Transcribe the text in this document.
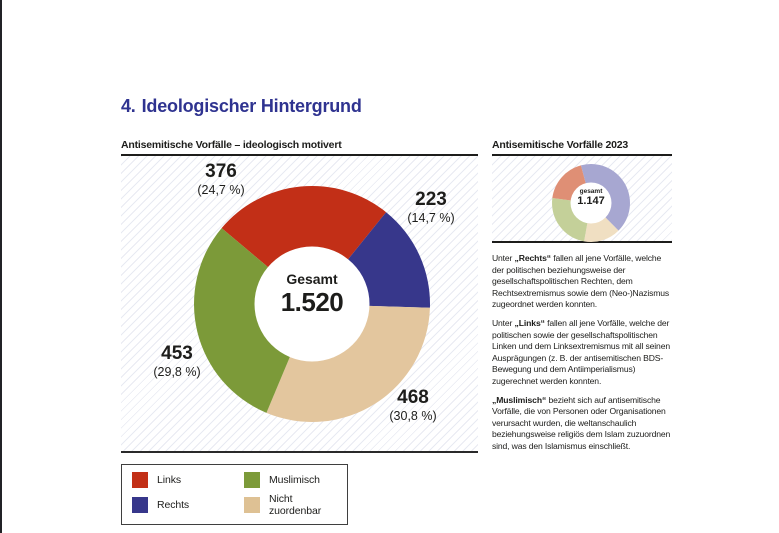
4. Ideologischer Hintergrund
Antisemitische Vorfälle – ideologisch motivert
376
(24,7 %)	223
(14,7 %)
468
(30,8 %)
453
(29,8 %)
Gesamt
1.520
Links
Rechts
Muslimisch
Nicht zuordenbar
Antisemitische Vorfälle 2023
gesamt
1.147

Unter „Rechts“ fallen all jene Vorfälle, welche der politischen beziehungsweise der gesellschaftspolitischen Rechten, dem Rechtsextremismus sowie dem (Neo-)Nazismus zugeordnet werden konnten.

Unter „Links“ fallen all jene Vorfälle, welche der politischen sowie der gesellschaftspolitischen Linken und dem Linksextremismus mit all seinen Ausprägungen (z. B. der antisemitischen BDS-Bewegung und dem Antiimperialismus) zugerechnet werden konnten.

„Muslimisch“ bezieht sich auf antisemitische Vorfälle, die von Personen oder Organisationen verursacht wurden, die weltanschaulich beziehungsweise religiös dem Islam zuzuordnen sind, was den Islamismus einschließt.
